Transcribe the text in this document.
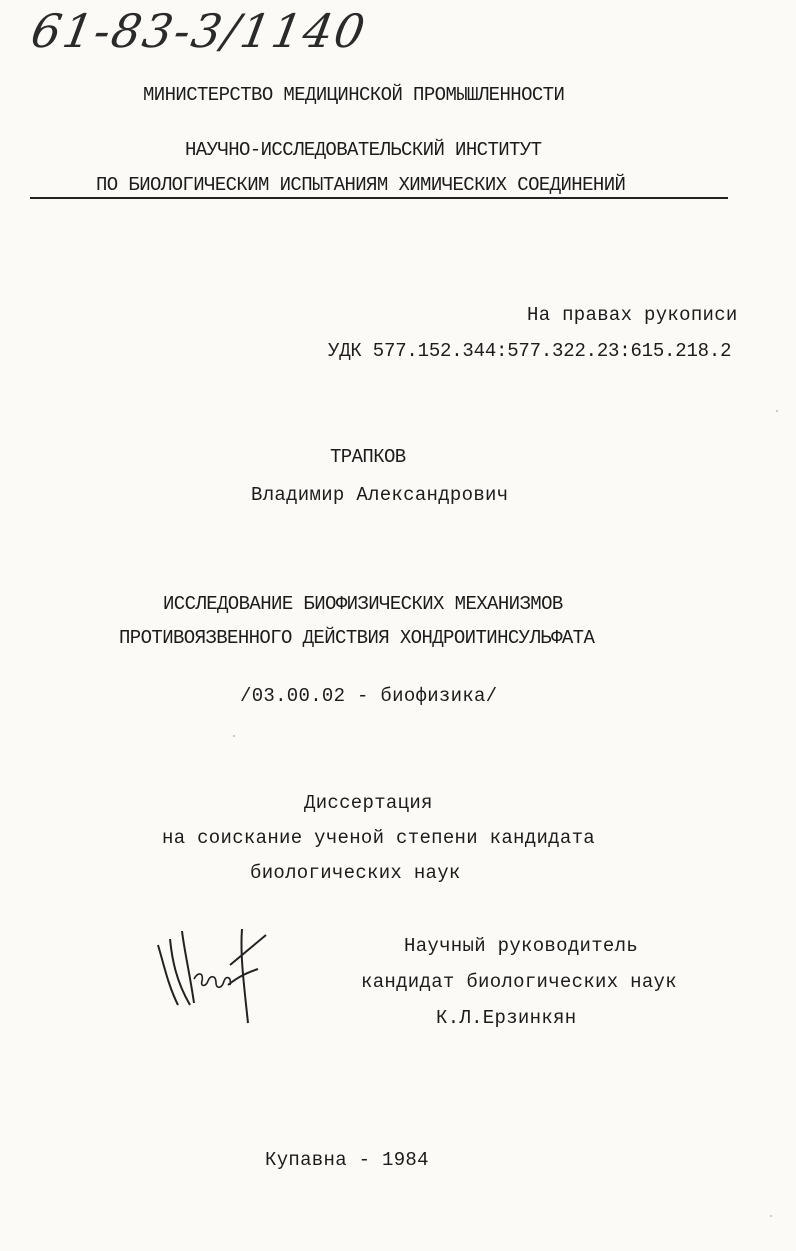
61-83-3/1140
МИНИСТЕРСТВО МЕДИЦИНСКОЙ ПРОМЫШЛЕННОСТИ
НАУЧНО-ИССЛЕДОВАТЕЛЬСКИЙ ИНСТИТУТ
ПО БИОЛОГИЧЕСКИМ ИСПЫТАНИЯМ ХИМИЧЕСКИХ СОЕДИНЕНИЙ
На правах рукописи
УДК 577.152.344:577.322.23:615.218.2
ТРАПКОВ
Владимир Александрович
ИССЛЕДОВАНИЕ БИОФИЗИЧЕСКИХ МЕХАНИЗМОВ
ПРОТИВОЯЗВЕННОГО ДЕЙСТВИЯ ХОНДРОИТИНСУЛЬФАТА
/03.00.02 - биофизика/
Диссертация
на соискание ученой степени кандидата
биологических наук
Научный руководитель
кандидат биологических наук
К.Л.Ерзинкян
Купавна - 1984
